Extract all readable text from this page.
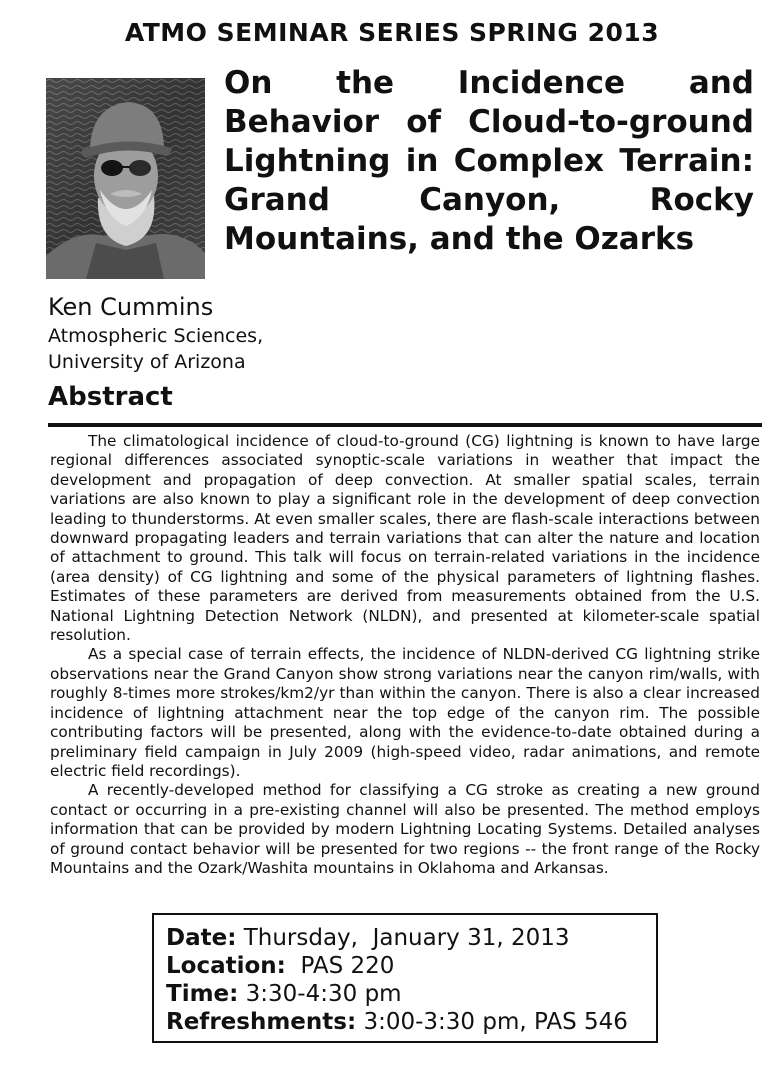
ATMO SEMINAR SERIES SPRING 2013
On the Incidence and Behavior of Cloud-to-ground Lightning in Complex Terrain: Grand Canyon, Rocky Mountains, and the Ozarks
Ken Cummins
Atmospheric Sciences,
University of Arizona
Abstract

The climatological incidence of cloud-to-ground (CG) lightning is known to have large regional differences associated synoptic-scale variations in weather that impact the development and propagation of deep convection. At smaller spatial scales, terrain variations are also known to play a significant role in the development of deep convection leading to thunderstorms. At even smaller scales, there are flash-scale interactions between downward propagating leaders and terrain variations that can alter the nature and location of attachment to ground. This talk will focus on terrain-related variations in the incidence (area density) of CG lightning and some of the physical parameters of lightning flashes. Estimates of these parameters are derived from measurements obtained from the U.S. National Lightning Detection Network (NLDN), and presented at kilometer-scale spatial resolution.

As a special case of terrain effects, the incidence of NLDN-derived CG lightning strike observations near the Grand Canyon show strong variations near the canyon rim/walls, with roughly 8-times more strokes/km2/yr than within the canyon. There is also a clear increased incidence of lightning attachment near the top edge of the canyon rim. The possible contributing factors will be presented, along with the evidence-to-date obtained during a preliminary field campaign in July 2009 (high-speed video, radar animations, and remote electric field recordings).

A recently-developed method for classifying a CG stroke as creating a new ground contact or occurring in a pre-existing channel will also be presented. The method employs information that can be provided by modern Lightning Locating Systems. Detailed analyses of ground contact behavior will be presented for two regions -- the front range of the Rocky Mountains and the Ozark/Washita mountains in Oklahoma and Arkansas.

Date: Thursday,  January 31, 2013
Location:  PAS 220
Time: 3:30-4:30 pm
Refreshments: 3:00-3:30 pm, PAS 546
